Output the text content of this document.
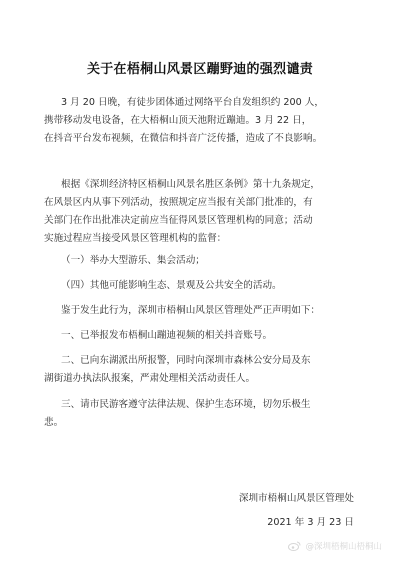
关于在梧桐山风景区蹦野迪的强烈谴责
3 月 20 日晚，有徒步团体通过网络平台自发组织约 200 人，
携带移动发电设备，在大梧桐山顶天池附近蹦迪。3 月 22 日，
在抖音平台发布视频，在微信和抖音广泛传播，造成了不良影响。
根据《深圳经济特区梧桐山风景名胜区条例》第十九条规定，
在风景区内从事下列活动，按照规定应当报有关部门批准的，有
关部门在作出批准决定前应当征得风景区管理机构的同意；活动
实施过程应当接受风景区管理机构的监督：
（一）举办大型游乐、集会活动；
（四）其他可能影响生态、景观及公共安全的活动。
鉴于发生此行为，深圳市梧桐山风景区管理处严正声明如下：
一、已举报发布梧桐山蹦迪视频的相关抖音账号。
二、已向东湖派出所报警，同时向深圳市森林公安分局及东
湖街道办执法队报案，严肃处理相关活动责任人。
三、请市民游客遵守法律法规、保护生态环境，切勿乐极生
悲。
深圳市梧桐山风景区管理处
2021 年 3 月 23 日
@深圳梧桐山梧桐山
